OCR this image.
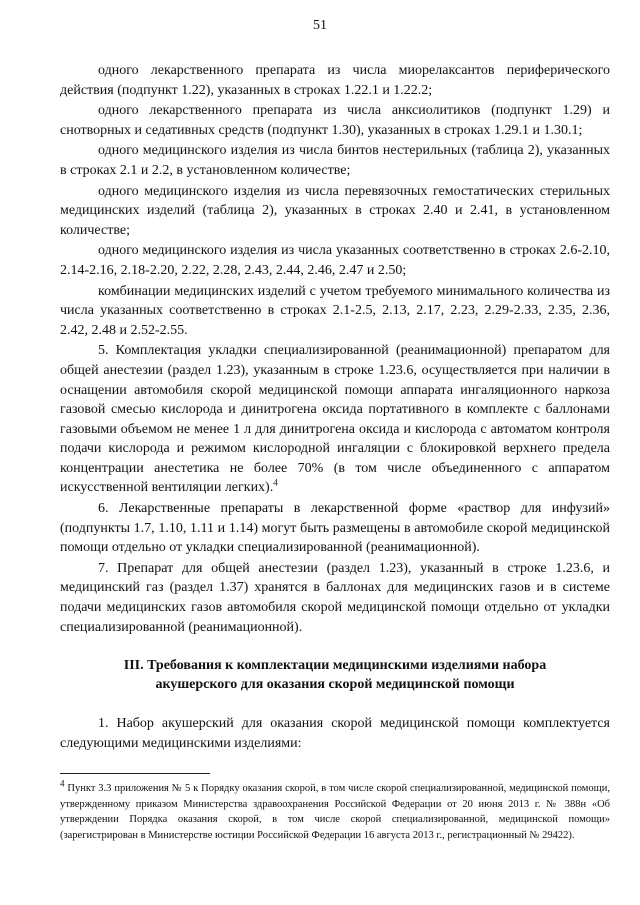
51

одного лекарственного препарата из числа миорелаксантов периферического действия (подпункт 1.22), указанных в строках 1.22.1 и 1.22.2;

одного лекарственного препарата из числа анксиолитиков (подпункт 1.29) и снотворных и седативных средств (подпункт 1.30), указанных в строках 1.29.1 и 1.30.1;

одного медицинского изделия из числа бинтов нестерильных (таблица 2), указанных в строках 2.1 и 2.2, в установленном количестве;

одного медицинского изделия из числа перевязочных гемостатических стерильных медицинских изделий (таблица 2), указанных в строках 2.40 и 2.41, в установленном количестве;

одного медицинского изделия из числа указанных соответственно в строках 2.6-2.10, 2.14-2.16, 2.18-2.20, 2.22, 2.28, 2.43, 2.44, 2.46, 2.47 и 2.50;

комбинации медицинских изделий с учетом требуемого минимального количества из числа указанных соответственно в строках 2.1-2.5, 2.13, 2.17, 2.23, 2.29-2.33, 2.35, 2.36, 2.42, 2.48 и 2.52-2.55.

5. Комплектация укладки специализированной (реанимационной) препаратом для общей анестезии (раздел 1.23), указанным в строке 1.23.6, осуществляется при наличии в оснащении автомобиля скорой медицинской помощи аппарата ингаляционного наркоза газовой смесью кислорода и динитрогена оксида портативного в комплекте с баллонами газовыми объемом не менее 1 л для динитрогена оксида и кислорода с автоматом контроля подачи кислорода и режимом кислородной ингаляции с блокировкой верхнего предела концентрации анестетика не более 70% (в том числе объединенного с аппаратом искусственной вентиляции легких).$^4$

6. Лекарственные препараты в лекарственной форме «раствор для инфузий» (подпункты 1.7, 1.10, 1.11 и 1.14) могут быть размещены в автомобиле скорой медицинской помощи отдельно от укладки специализированной (реанимационной).

7. Препарат для общей анестезии (раздел 1.23), указанный в строке 1.23.6, и медицинский газ (раздел 1.37) хранятся в баллонах для медицинских газов и в системе подачи медицинских газов автомобиля скорой медицинской помощи отдельно от укладки специализированной (реанимационной).

III. Требования к комплектации медицинскими изделиями набора
акушерского для оказания скорой медицинской помощи

1. Набор акушерский для оказания скорой медицинской помощи комплектуется следующими медицинскими изделиями:

$^4$ Пункт 3.3 приложения № 5 к Порядку оказания скорой, в том числе скорой специализированной, медицинской помощи, утвержденному приказом Министерства здравоохранения Российской Федерации от 20 июня 2013 г. № 388н «Об утверждении Порядка оказания скорой, в том числе скорой специализированной, медицинской помощи» (зарегистрирован в Министерстве юстиции Российской Федерации 16 августа 2013 г., регистрационный № 29422).
